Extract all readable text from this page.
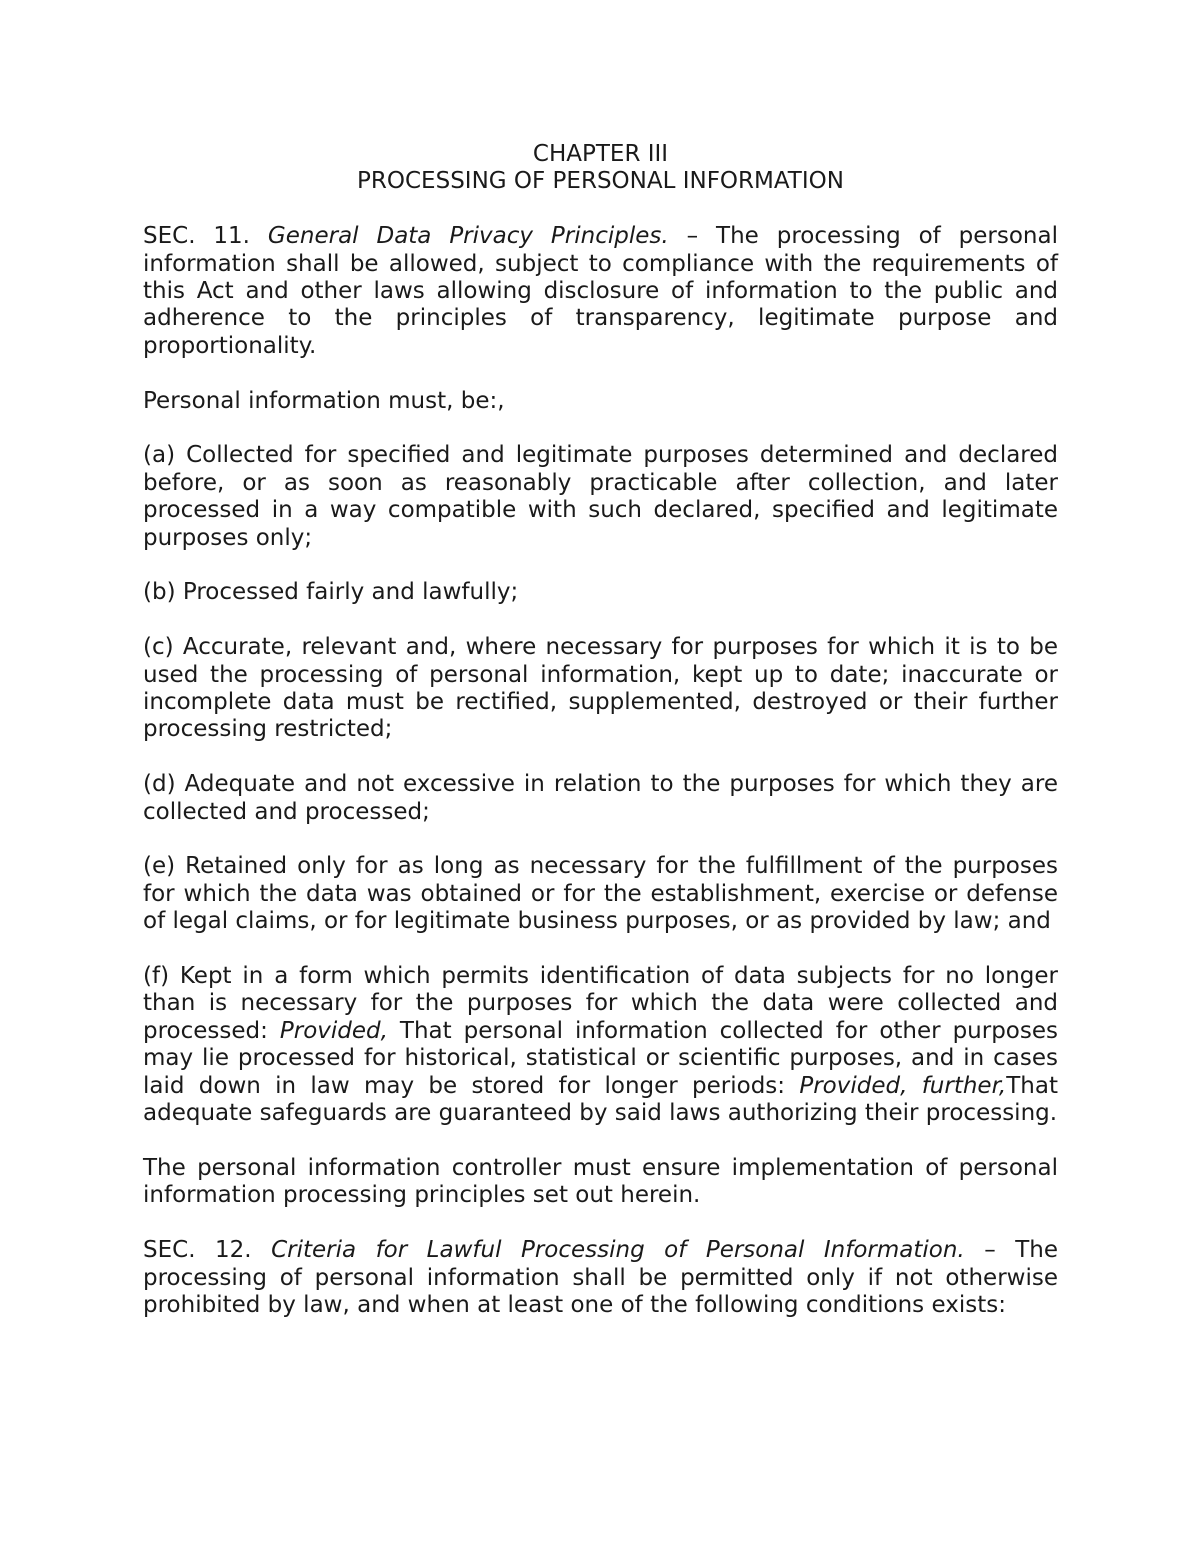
CHAPTER III
PROCESSING OF PERSONAL INFORMATION

SEC. 11. General Data Privacy Principles. – The processing of personal information shall be allowed, subject to compliance with the requirements of this Act and other laws allowing disclosure of information to the public and adherence to the principles of transparency, legitimate purpose and proportionality.

Personal information must, be:,

(a) Collected for specified and legitimate purposes determined and declared before, or as soon as reasonably practicable after collection, and later processed in a way compatible with such declared, specified and legitimate purposes only;

(b) Processed fairly and lawfully;

(c) Accurate, relevant and, where necessary for purposes for which it is to be used the processing of personal information, kept up to date; inaccurate or incomplete data must be rectified, supplemented, destroyed or their further processing restricted;

(d) Adequate and not excessive in relation to the purposes for which they are collected and processed;

(e) Retained only for as long as necessary for the fulfillment of the purposes for which the data was obtained or for the establishment, exercise or defense of legal claims, or for legitimate business purposes, or as provided by law; and

(f) Kept in a form which permits identification of data subjects for no longer than is necessary for the purposes for which the data were collected and processed: Provided, That personal information collected for other purposes may lie processed for historical, statistical or scientific purposes, and in cases laid down in law may be stored for longer periods: Provided, further,That adequate safeguards are guaranteed by said laws authorizing their processing.

The personal information controller must ensure implementation of personal information processing principles set out herein.

SEC. 12. Criteria for Lawful Processing of Personal Information. – The processing of personal information shall be permitted only if not otherwise prohibited by law, and when at least one of the following conditions exists:
